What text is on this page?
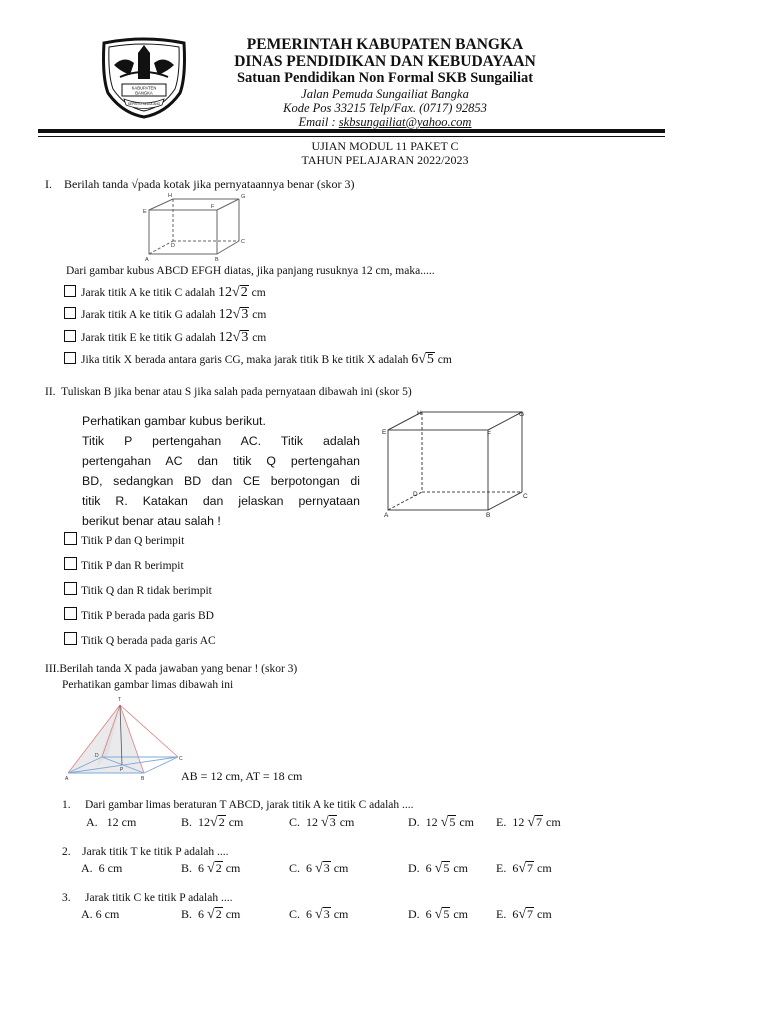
KABUPATEN
BANGKA
SEPINTU SEDULANG
PEMERINTAH KABUPATEN BANGKA
DINAS PENDIDIKAN DAN KEBUDAYAAN
Satuan Pendidikan Non Formal SKB Sungailiat
Jalan Pemuda Sungailiat Bangka
Kode Pos 33215 Telp/Fax. (0717) 92853
Email : skbsungailiat@yahoo.com
UJIAN MODUL 11 PAKET C
TAHUN PELAJARAN 2022/2023
I. Berilah tanda √pada kotak jika pernyataannya benar (skor 3)
H	G
E
F
D
C
A	B
Dari gambar kubus ABCD EFGH diatas, jika panjang rusuknya 12 cm, maka.....
Jarak titik A ke titik C adalah 12√2 cm
Jarak titik A ke titik G adalah 12√3 cm
Jarak titik E ke titik G adalah 12√3 cm
Jika titik X berada antara garis CG, maka jarak titik B ke titik X adalah 6√5 cm
II. Tuliskan B jika benar atau S jika salah pada pernyataan dibawah ini (skor 5)
Perhatikan gambar kubus berikut.
Titik P pertengahan AC. Titik adalah
pertengahan AC dan titik Q pertengahan
BD, sedangkan BD dan CE berpotongan di
titik R. Katakan dan jelaskan pernyataan
berikut benar atau salah !
H	G
E	F
D	C
A	B
Titik P dan Q berimpit
Titik P dan R berimpit
Titik Q dan R tidak berimpit
Titik P berada pada garis BD
Titik Q berada pada garis AC
III.Berilah tanda X pada jawaban yang benar ! (skor 3)
Perhatikan gambar limas dibawah ini
T
D	C
A	B
P	AB = 12 cm, AT = 18 cm
1. Dari gambar limas beraturan T ABCD, jarak titik A ke titik C adalah ....
A. 12 cm	B. 12√2 cm	C. 12 √3 cm	D. 12 √5 cm E. 12 √7 cm
2. Jarak titik T ke titik P adalah ....
A. 6 cm	B. 6 √2 cm	C. 6 √3 cm	D. 6 √5 cm E. 6√7 cm
3. Jarak titik C ke titik P adalah ....
A. 6 cm	B. 6 √2 cm	C. 6 √3 cm	D. 6 √5 cm E. 6√7 cm
